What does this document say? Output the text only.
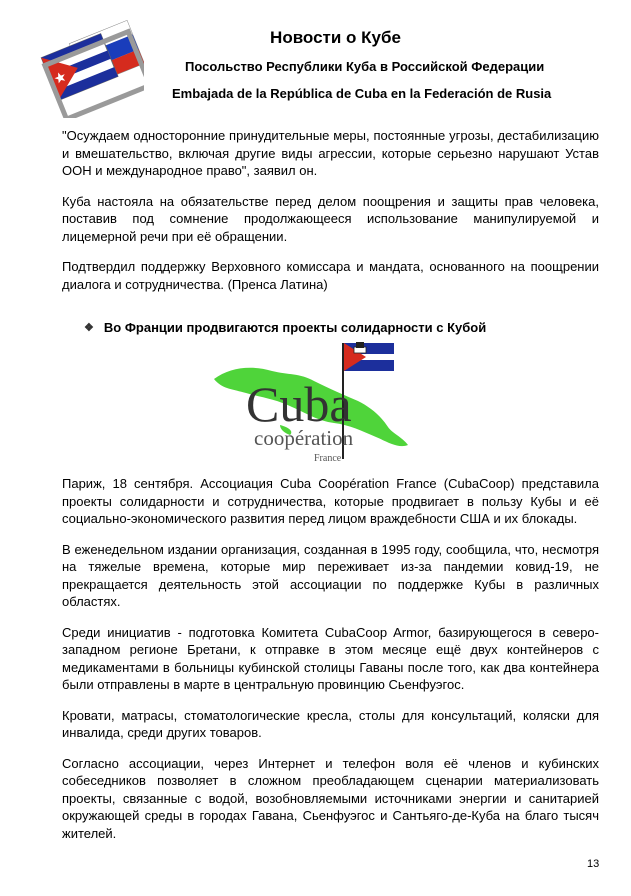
Новости о Кубе
Посольство Республики Куба в Российской Федерации
Embajada de la República de Cuba en la Federación de Rusia

"Осуждаем односторонние принудительные меры, постоянные угрозы, дестабилизацию и вмешательство, включая другие виды агрессии, которые серьезно нарушают Устав ООН и международное право", заявил он.

Куба настояла на обязательстве перед делом поощрения и защиты прав человека, поставив под сомнение продолжающееся использование манипулируемой и лицемерной речи при её обращении.

Подтвердил поддержку Верховного комиссара и мандата, основанного на поощрении диалога и сотрудничества. (Пренса Латина)

❖ Во Франции продвигаются проекты солидарности с Кубой
Cuba
coopération
France

Париж, 18 сентября. Ассоциация Cuba Coopération France (CubaCoop) представила проекты солидарности и сотрудничества, которые продвигает в пользу Кубы и её социально-экономического развития перед лицом враждебности США и их блокады.

В еженедельном издании организация, созданная в 1995 году, сообщила, что, несмотря на тяжелые времена, которые мир переживает из-за пандемии ковид-19, не прекращается деятельность этой ассоциации по поддержке Кубы в различных областях.

Среди инициатив - подготовка Комитета CubaCoop Armor, базирующегося в северо-западном регионе Бретани, к отправке в этом месяце ещё двух контейнеров с медикаментами в больницы кубинской столицы Гаваны после того, как два контейнера были отправлены в марте в центральную провинцию Сьенфуэгос.

Кровати, матрасы, стоматологические кресла, столы для консультаций, коляски для инвалида, среди других товаров.

Согласно ассоциации, через Интернет и телефон воля её членов и кубинских собеседников позволяет в сложном преобладающем сценарии материализовать проекты, связанные с водой, возобновляемыми источниками энергии и санитарией окружающей среды в городах Гавана, Сьенфуэгос и Сантьяго-де-Куба на благо тысяч жителей.

13
